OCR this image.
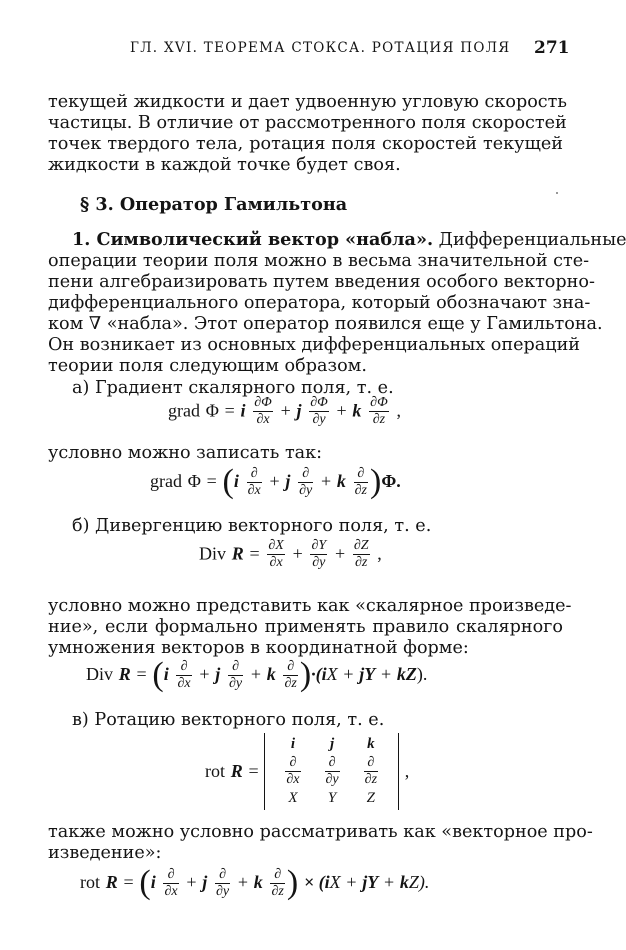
ГЛ. XVI. ТЕОРЕМА СТОКСА. РОТАЦИЯ ПОЛЯ 271
текущей жидкости и дает удвоенную угловую скорость
частицы. В отличие от рассмотренного поля скоростей
точек твердого тела, ротация поля скоростей текущей
жидкости в каждой точке будет своя.
§ 3. Оператор Гамильтона
1. Символический вектор «набла». Дифференциальные
операции теории поля можно в весьма значительной сте-
пени алгебраизировать путем введения особого векторно-
дифференциального оператора, который обозначают зна-
ком ∇ «набла». Этот оператор появился еще у Гамильтона.
Он возникает из основных дифференциальных операций
теории поля следующим образом.
а) Градиент скалярного поля, т. е.
grad Φ = i $\frac{\partial\Phi}{\partial x} + j \frac{\partial\Phi}{\partial y} + k \frac{\partial\Phi}{\partial z}$ ,
условно можно записать так:
grad $\Phi = (i \frac{\partial}{\partial x} + j \frac{\partial}{\partial y} + k \frac{\partial}{\partial z} )\Phi$.
б) Дивергенцию векторного поля, т. е.
Div $R = \frac{\partial X}{\partial x} + \frac{\partial Y}{\partial y} + \frac{\partial Z}{\partial z}$ ,
условно можно представить как «скалярное произведе-
ние», если формально применять правило скалярного
умножения векторов в координатной форме:
Div $R = (i \frac{\partial}{\partial x} + j \frac{\partial}{\partial y} + k \frac{\partial}{\partial z} )\cdot(iX$ + jY + kZ).
в) Ротацию векторного поля, т. е.
rot R =
i	j	k

$\frac{\partial}{\partial x}$	$\frac{\partial}{\partial y}$	$\frac{\partial}{\partial z}$

X	Y	Z
,
также можно условно рассматривать как «векторное про-
изведение»:
rot $R = (i \frac{\partial}{\partial x} + j \frac{\partial}{\partial y} + k \frac{\partial}{\partial z}$ ) × (iX + jY + kZ).
